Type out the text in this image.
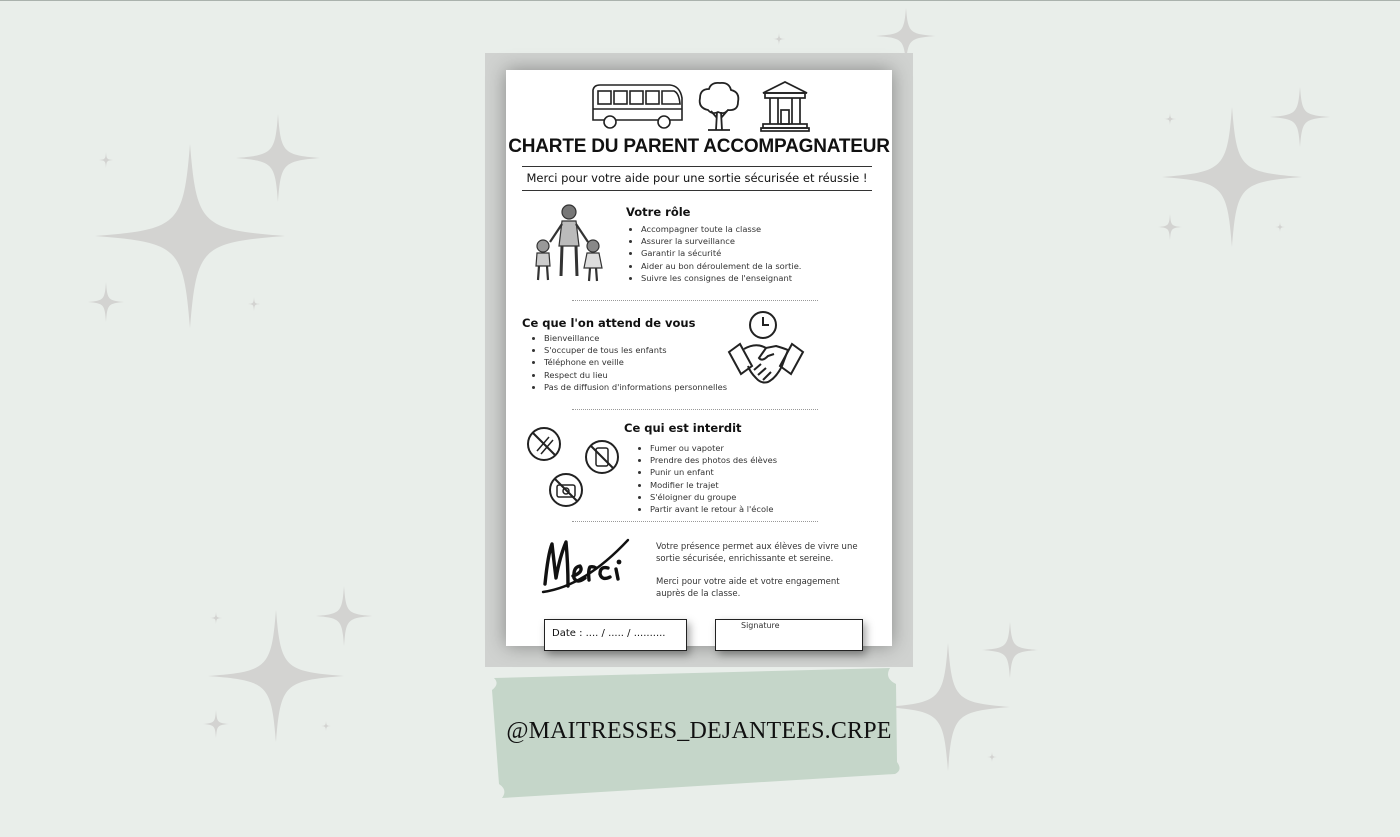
CHARTE DU PARENT ACCOMPAGNATEUR
Merci pour votre aide pour une sortie sécurisée et réussie !
Votre rôle
• Accompagner toute la classe
• Assurer la surveillance
• Garantir la sécurité
• Aider au bon déroulement de la sortie.
• Suivre les consignes de l'enseignant
Ce que l'on attend de vous
• Bienveillance
• S'occuper de tous les enfants
• Téléphone en veille
• Respect du lieu
• Pas de diffusion d'informations personnelles
Ce qui est interdit
• Fumer ou vapoter
• Prendre des photos des élèves
• Punir un enfant
• Modifier le trajet
• S'éloigner du groupe
• Partir avant le retour à l'école
Votre présence permet aux élèves de vivre une sortie sécurisée, enrichissante et sereine.
Merci pour votre aide et votre engagement auprès de la classe.
Date : .... / ..... / ..........
Signature
@MAITRESSES_DEJANTEES.CRPE
